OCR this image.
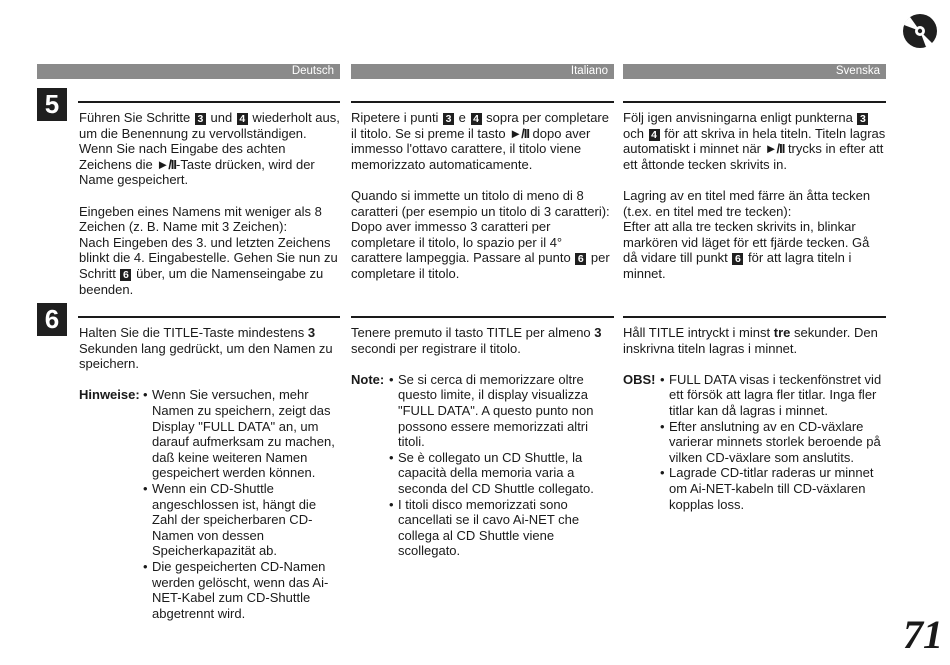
Deutsch	Italiano	Svenska
5	Führen Sie Schritte 3 und 4 wiederholt aus, um die Benennung zu vervollständigen. Wenn Sie nach Eingabe des achten Zeichens die ►/II-Taste drücken, wird der Name gespeichert.

Eingeben eines Namens mit weniger als 8 Zeichen (z. B. Name mit 3 Zeichen):
Nach Eingeben des 3. und letzten Zeichens blinkt die 4. Eingabestelle. Gehen Sie nun zu Schritt 6 über, um die Namenseingabe zu beenden.

Ripetere i punti 3 e 4 sopra per completare il titolo. Se si preme il tasto ►/II dopo aver immesso l'ottavo carattere, il titolo viene memorizzato automaticamente.

Quando si immette un titolo di meno di 8 caratteri (per esempio un titolo di 3 caratteri):
Dopo aver immesso 3 caratteri per completare il titolo, lo spazio per il 4° carattere lampeggia. Passare al punto 6 per completare il titolo.

Följ igen anvisningarna enligt punkterna 3 och 4 för att skriva in hela titeln. Titeln lagras automatiskt i minnet när ►/II trycks in efter att ett åttonde tecken skrivits in.

Lagring av en titel med färre än åtta tecken (t.ex. en titel med tre tecken):
Efter att alla tre tecken skrivits in, blinkar markören vid läget för ett fjärde tecken. Gå då vidare till punkt 6 för att lagra titeln i minnet.

6	Halten Sie die TITLE-Taste mindestens 3 Sekunden lang gedrückt, um den Namen zu speichern.

Hinweise: • Wenn Sie versuchen, mehr Namen zu speichern, zeigt das Display "FULL DATA" an, um darauf aufmerksam zu machen, daß keine weiteren Namen gespeichert werden können.
• Wenn ein CD-Shuttle angeschlossen ist, hängt die Zahl der speicherbaren CD-Namen von dessen Speicherkapazität ab.
• Die gespeicherten CD-Namen werden gelöscht, wenn das Ai-NET-Kabel zum CD-Shuttle abgetrennt wird.

Tenere premuto il tasto TITLE per almeno 3 secondi per registrare il titolo.

Note:	• Se si cerca di memorizzare oltre questo limite, il display visualizza "FULL DATA". A questo punto non possono essere memorizzati altri titoli.
• Se è collegato un CD Shuttle, la capacità della memoria varia a seconda del CD Shuttle collegato.
• I titoli disco memorizzati sono cancellati se il cavo Ai-NET che collega al CD Shuttle viene scollegato.

Håll TITLE intryckt i minst tre sekunder. Den inskrivna titeln lagras i minnet.

OBS!	• FULL DATA visas i teckenfönstret vid ett försök att lagra fler titlar. Inga fler titlar kan då lagras i minnet.
• Efter anslutning av en CD-växlare varierar minnets storlek beroende på vilken CD-växlare som anslutits.
• Lagrade CD-titlar raderas ur minnet om Ai-NET-kabeln till CD-växlaren kopplas loss.
71
